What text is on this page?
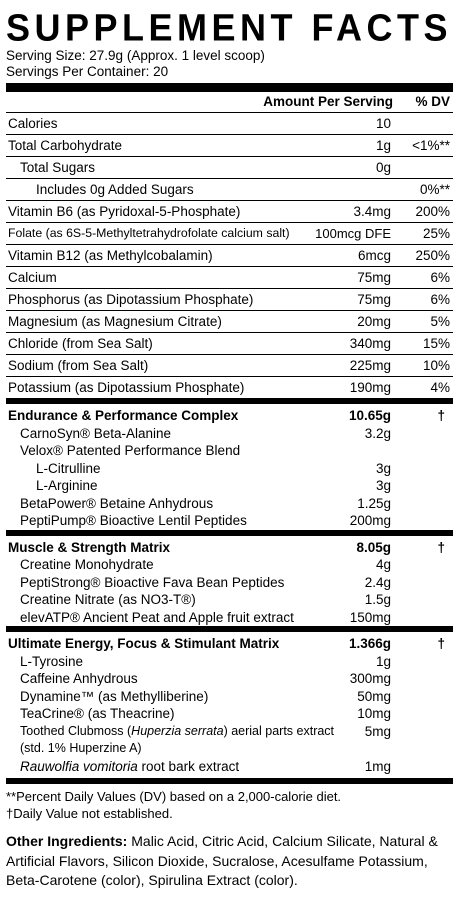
SUPPLEMENT FACTS
Serving Size: 27.9g (Approx. 1 level scoop)
Servings Per Container: 20
Amount Per Serving % DV
Calories	10
Total Carbohydrate	1g <1%**
Total Sugars	0g
Includes 0g Added Sugars	0%**
Vitamin B6 (as Pyridoxal-5-Phosphate)	3.4mg 200%
Folate (as 6S-5-Methyltetrahydrofolate calcium salt) 100mcg DFE 25%
Vitamin B12 (as Methylcobalamin)	6mcg 250%
Calcium	75mg	6%
Phosphorus (as Dipotassium Phosphate)	75mg	6%
Magnesium (as Magnesium Citrate)	20mg	5%
Chloride (from Sea Salt)	340mg 15%
Sodium (from Sea Salt)	225mg 10%
Potassium (as Dipotassium Phosphate)	190mg	4%
Endurance & Performance Complex	10.65g	†
CarnoSyn® Beta-Alanine	3.2g
Velox® Patented Performance Blend
L-Citrulline	3g
L-Arginine	3g
BetaPower® Betaine Anhydrous	1.25g
PeptiPump® Bioactive Lentil Peptides	200mg
Muscle & Strength Matrix	8.05g	†
Creatine Monohydrate	4g
PeptiStrong® Bioactive Fava Bean Peptides	2.4g
Creatine Nitrate (as NO3-T®)	1.5g
elevATP® Ancient Peat and Apple fruit extract	150mg
Ultimate Energy, Focus & Stimulant Matrix	1.366g	†
L-Tyrosine	1g
Caffeine Anhydrous	300mg
Dynamine™ (as Methylliberine)	50mg
TeaCrine® (as Theacrine)	10mg
Toothed Clubmoss (Huperzia serrata) aerial parts extract 5mg
(std. 1% Huperzine A)
Rauwolfia vomitoria root bark extract	1mg
**Percent Daily Values (DV) based on a 2,000-calorie diet.
†Daily Value not established.
Other Ingredients: Malic Acid, Citric Acid, Calcium Silicate, Natural & Artificial Flavors, Silicon Dioxide, Sucralose, Acesulfame Potassium, Beta-Carotene (color), Spirulina Extract (color).
